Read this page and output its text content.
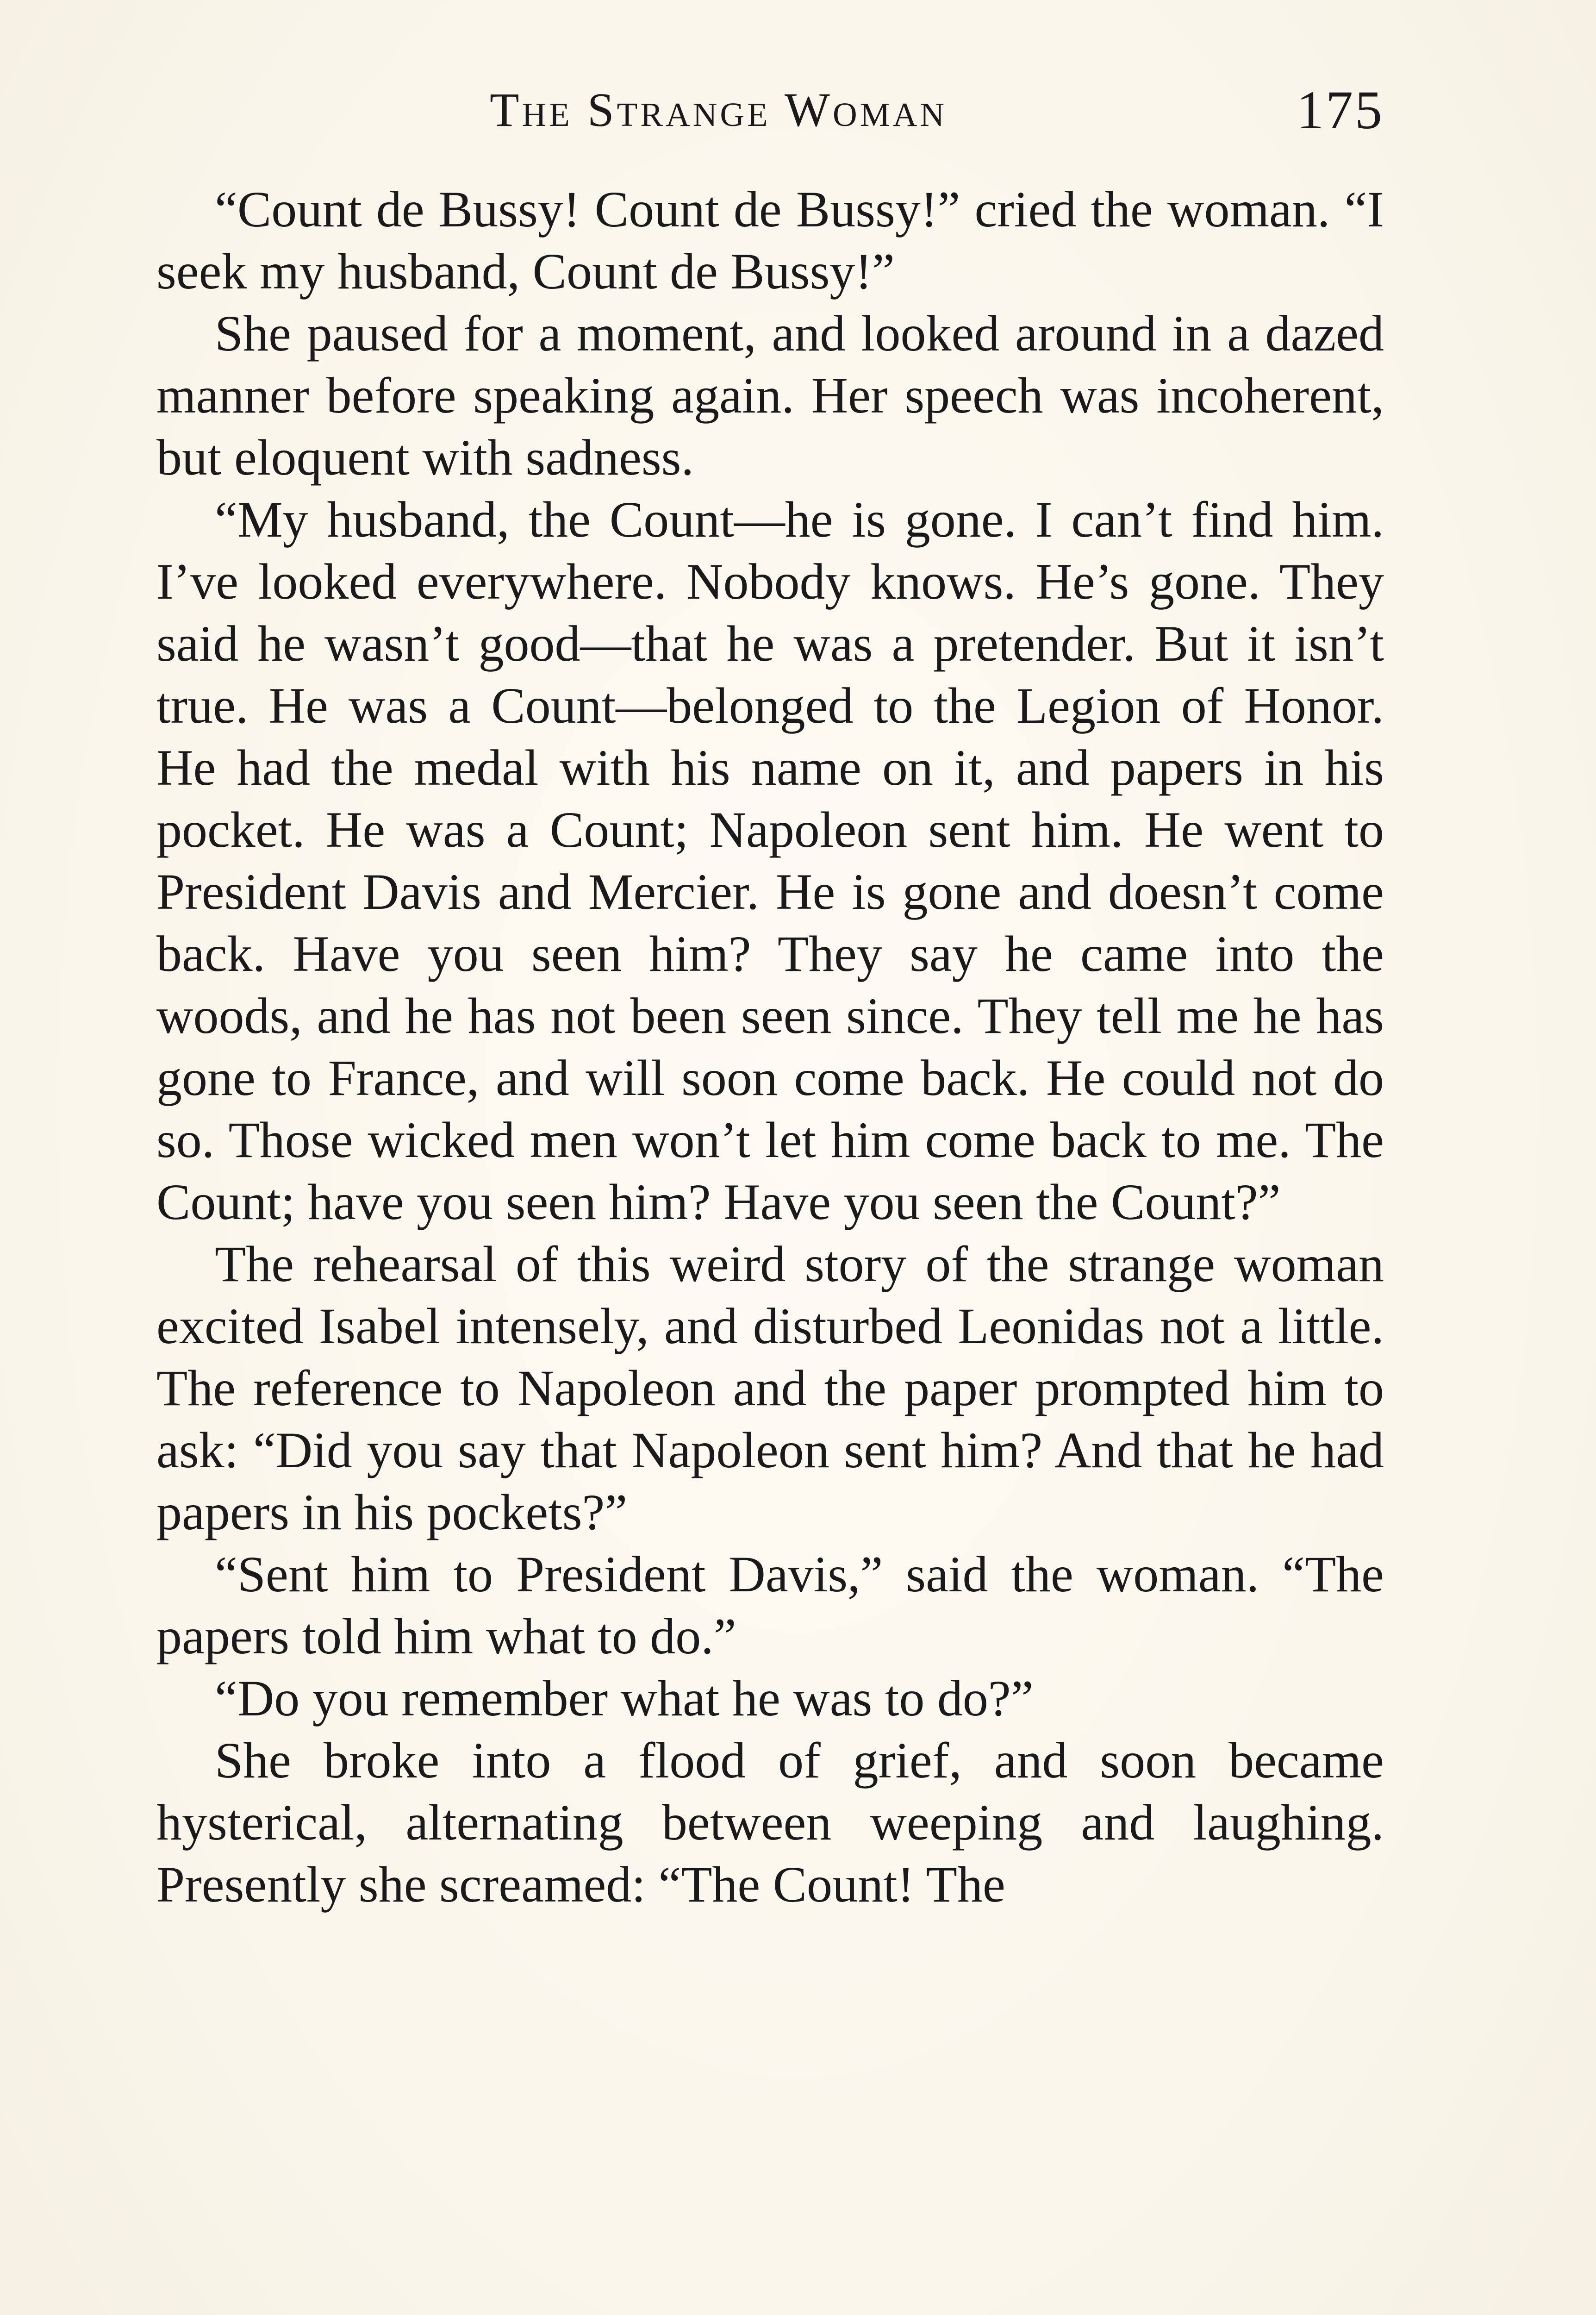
The Strange Woman	175

“Count de Bussy! Count de Bussy!” cried the woman. “I seek my husband, Count de Bussy!”

She paused for a moment, and looked around in a dazed manner before speaking again. Her speech was incoherent, but eloquent with sadness.

“My husband, the Count—he is gone. I can’t find him. I’ve looked everywhere. Nobody knows. He’s gone. They said he wasn’t good—that he was a pretender. But it isn’t true. He was a Count—belonged to the Legion of Honor. He had the medal with his name on it, and papers in his pocket. He was a Count; Napoleon sent him. He went to President Davis and Mercier. He is gone and doesn’t come back. Have you seen him? They say he came into the woods, and he has not been seen since. They tell me he has gone to France, and will soon come back. He could not do so. Those wicked men won’t let him come back to me. The Count; have you seen him? Have you seen the Count?”

The rehearsal of this weird story of the strange woman excited Isabel intensely, and disturbed Leonidas not a little. The reference to Napoleon and the paper prompted him to ask: “Did you say that Napoleon sent him? And that he had papers in his pockets?”

“Sent him to President Davis,” said the woman. “The papers told him what to do.”

“Do you remember what he was to do?”

She broke into a flood of grief, and soon became hysterical, alternating between weeping and laughing. Presently she screamed: “The Count! The
